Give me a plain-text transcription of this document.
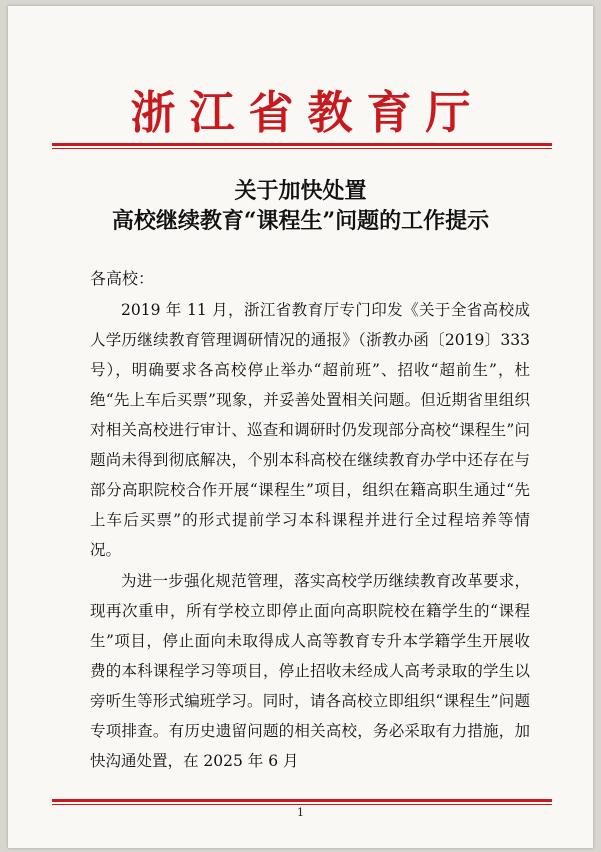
浙江省教育厅
关于加快处置
高校继续教育“课程生”问题的工作提示
各高校：

2019 年 11 月，浙江省教育厅专门印发《关于全省高校成人学历继续教育管理调研情况的通报》（浙教办函〔2019〕333 号），明确要求各高校停止举办“超前班”、招收“超前生”，杜绝“先上车后买票”现象，并妥善处置相关问题。但近期省里组织对相关高校进行审计、巡查和调研时仍发现部分高校“课程生”问题尚未得到彻底解决，个别本科高校在继续教育办学中还存在与部分高职院校合作开展“课程生”项目，组织在籍高职生通过“先上车后买票”的形式提前学习本科课程并进行全过程培养等情况。

为进一步强化规范管理，落实高校学历继续教育改革要求，现再次重申，所有学校立即停止面向高职院校在籍学生的“课程生”项目，停止面向未取得成人高等教育专升本学籍学生开展收费的本科课程学习等项目，停止招收未经成人高考录取的学生以旁听生等形式编班学习。同时，请各高校立即组织“课程生”问题专项排查。有历史遗留问题的相关高校，务必采取有力措施，加快沟通处置，在 2025 年 6 月

1
